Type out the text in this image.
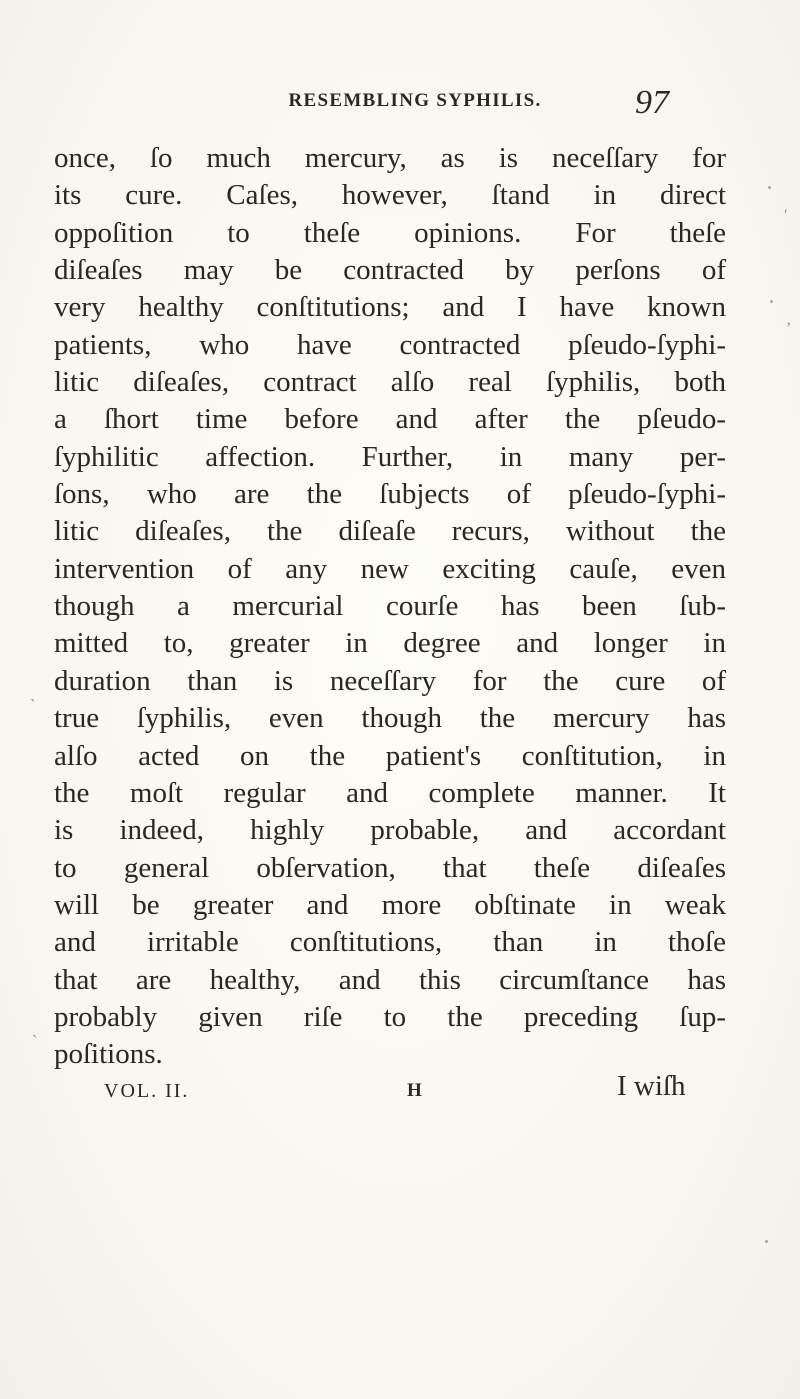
RESEMBLING SYPHILIS.	97
once, ſo much mercury, as is neceſſary for
its cure. Caſes, however, ſtand in direct
oppoſition to theſe opinions. For theſe
diſeaſes may be contracted by perſons of
very healthy conſtitutions; and I have known
patients, who have contracted pſeudo-ſyphi-
litic diſeaſes, contract alſo real ſyphilis, both
a ſhort time before and after the pſeudo-
ſyphilitic affection. Further, in many per-
ſons, who are the ſubjects of pſeudo-ſyphi-
litic diſeaſes, the diſeaſe recurs, without the
intervention of any new exciting cauſe, even
though a mercurial courſe has been ſub-
mitted to, greater in degree and longer in
duration than is neceſſary for the cure of
true ſyphilis, even though the mercury has
alſo acted on the patient's conſtitution, in
the moſt regular and complete manner. It
is indeed, highly probable, and accordant
to general obſervation, that theſe diſeaſes
will be greater and more obſtinate in weak
and irritable conſtitutions, than in thoſe
that are healthy, and this circumſtance has
probably given riſe to the preceding ſup-
poſitions.
VOL. II.	H	I wiſh
′
‚
ˏ
ˎ
